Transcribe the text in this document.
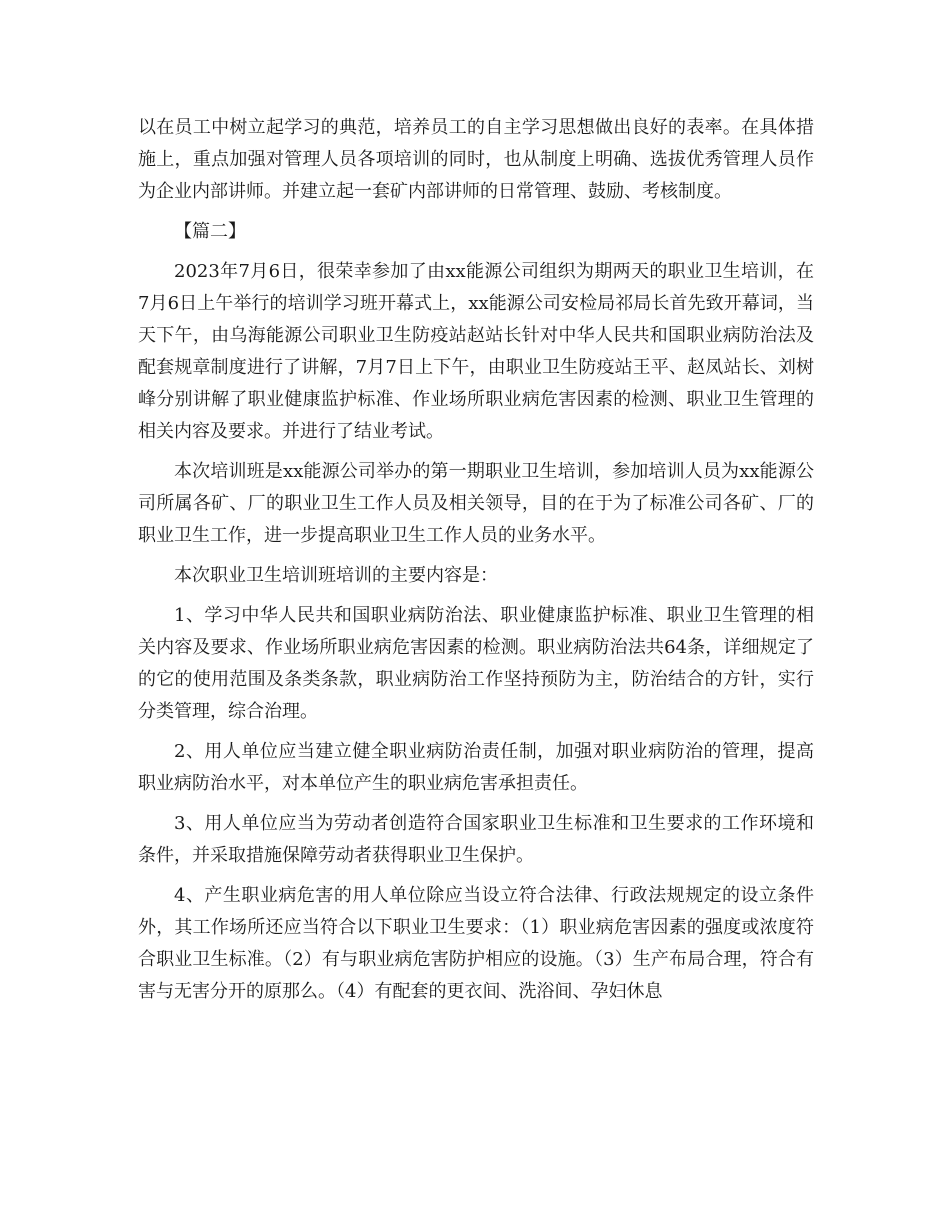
以在员工中树立起学习的典范，培养员工的自主学习思想做出良好的表率。在具体措施上，重点加强对管理人员各项培训的同时，也从制度上明确、选拔优秀管理人员作为企业内部讲师。并建立起一套矿内部讲师的日常管理、鼓励、考核制度。

【篇二】

2023年7月6日，很荣幸参加了由xx能源公司组织为期两天的职业卫生培训，在7月6日上午举行的培训学习班开幕式上，xx能源公司安检局祁局长首先致开幕词，当天下午，由乌海能源公司职业卫生防疫站赵站长针对中华人民共和国职业病防治法及配套规章制度进行了讲解，7月7日上下午，由职业卫生防疫站王平、赵凤站长、刘树峰分别讲解了职业健康监护标准、作业场所职业病危害因素的检测、职业卫生管理的相关内容及要求。并进行了结业考试。

本次培训班是xx能源公司举办的第一期职业卫生培训，参加培训人员为xx能源公司所属各矿、厂的职业卫生工作人员及相关领导，目的在于为了标准公司各矿、厂的职业卫生工作，进一步提高职业卫生工作人员的业务水平。

本次职业卫生培训班培训的主要内容是：

1、学习中华人民共和国职业病防治法、职业健康监护标准、职业卫生管理的相关内容及要求、作业场所职业病危害因素的检测。职业病防治法共64条，详细规定了的它的使用范围及条类条款，职业病防治工作坚持预防为主，防治结合的方针，实行分类管理，综合治理。

2、用人单位应当建立健全职业病防治责任制，加强对职业病防治的管理，提高职业病防治水平，对本单位产生的职业病危害承担责任。

3、用人单位应当为劳动者创造符合国家职业卫生标准和卫生要求的工作环境和条件，并采取措施保障劳动者获得职业卫生保护。

4、产生职业病危害的用人单位除应当设立符合法律、行政法规规定的设立条件外，其工作场所还应当符合以下职业卫生要求：（1）职业病危害因素的强度或浓度符合职业卫生标准。（2）有与职业病危害防护相应的设施。（3）生产布局合理，符合有害与无害分开的原那么。（4）有配套的更衣间、洗浴间、孕妇休息
